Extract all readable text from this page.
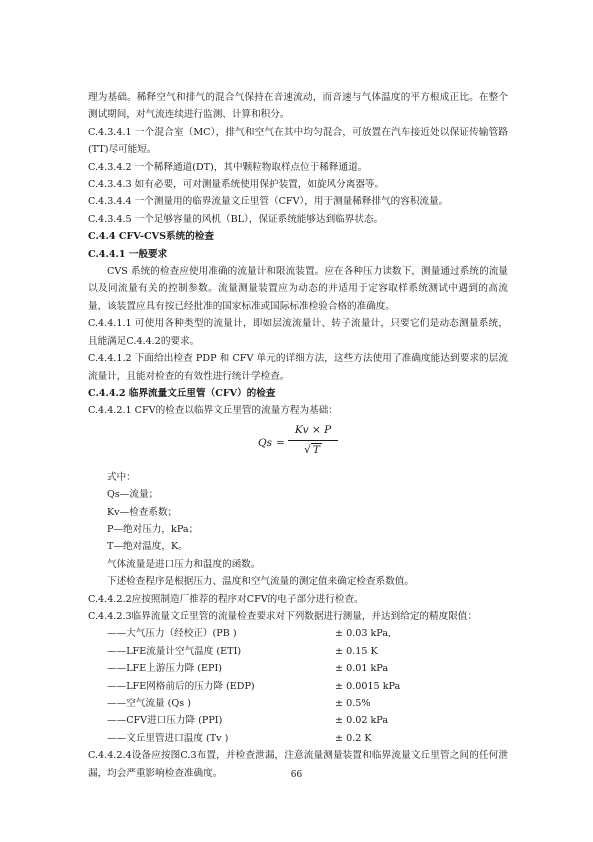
理为基础。稀释空气和排气的混合气保持在音速流动，而音速与气体温度的平方根成正比。在整个测试期间，对气流连续进行监测、计算和积分。

C.4.3.4.1 一个混合室（MC），排气和空气在其中均匀混合，可放置在汽车接近处以保证传输管路(TT)尽可能短。

C.4.3.4.2 一个稀释通道(DT)，其中颗粒物取样点位于稀释通道。

C.4.3.4.3 如有必要，可对测量系统使用保护装置，如旋风分离器等。

C.4.3.4.4 一个测量用的临界流量文丘里管（CFV），用于测量稀释排气的容积流量。

C.4.3.4.5 一个足够容量的风机（BL），保证系统能够达到临界状态。

C.4.4 CFV-CVS系统的检查

C.4.4.1 一般要求

CVS 系统的检查应使用准确的流量计和限流装置。应在各种压力读数下，测量通过系统的流量以及同流量有关的控制参数。流量测量装置应为动态的并适用于定容取样系统测试中遇到的高流量，该装置应具有按已经批准的国家标准或国际标准检验合格的准确度。

C.4.4.1.1 可使用各种类型的流量计，即如层流流量计、转子流量计，只要它们是动态测量系统，且能满足C.4.4.2的要求。

C.4.4.1.2 下面给出检查 PDP 和 CFV 单元的详细方法，这些方法使用了准确度能达到要求的层流流量计，且能对检查的有效性进行统计学检查。

C.4.4.2 临界流量文丘里管（CFV）的检查

C.4.4.2.1 CFV的检查以临界文丘里管的流量方程为基础：

Qs =
Kv × P
√ T

式中：

Qs—流量；

Kv—检查系数；

P—绝对压力，kPa；

T—绝对温度，K。

气体流量是进口压力和温度的函数。

下述检查程序是根据压力、温度和空气流量的测定值来确定检查系数值。

C.4.4.2.2应按照制造厂推荐的程序对CFV的电子部分进行检查。

C.4.4.2.3临界流量文丘里管的流量检查要求对下列数据进行测量，并达到给定的精度限值：

——大气压力（经校正）(PB )	± 0.03 kPa,
——LFE流量计空气温度 (ETI)	± 0.15 K
——LFE上游压力降 (EPI)	± 0.01 kPa
——LFE网格前后的压力降 (EDP)	± 0.0015 kPa
——空气流量 (Qs )	± 0.5%
——CFV进口压力降 (PPI)	± 0.02 kPa
——文丘里管进口温度 (Tv )	± 0.2 K

C.4.4.2.4设备应按图C.3布置，并检查泄漏，注意流量测量装置和临界流量文丘里管之间的任何泄漏，均会严重影响检查准确度。	66
